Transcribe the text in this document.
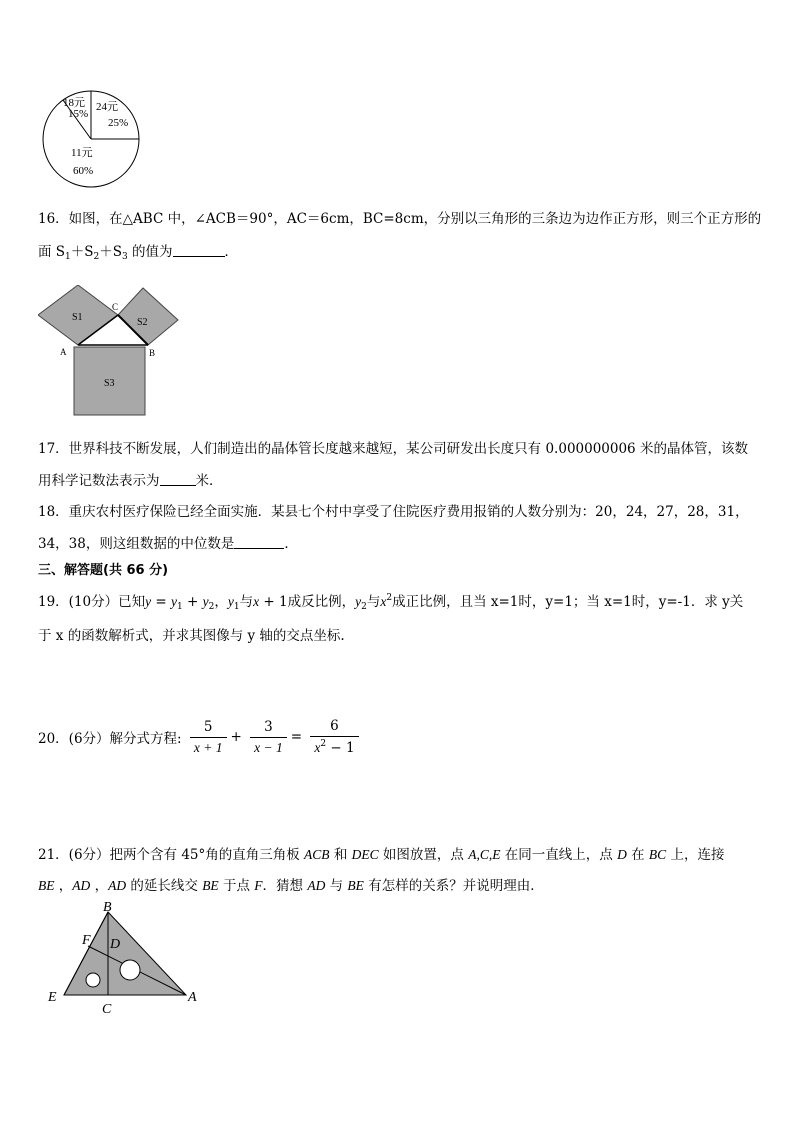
18元
15%
24元
25%
11元
60%
16．如图，在△ABC 中，∠ACB＝90°，AC＝6cm，BC=8cm，分别以三角形的三条边为边作正方形，则三个正方形的
面 $S_1+S_2+S_3$ 的值为	．
S1	S2
S3
A	B
C
17．世界科技不断发展，人们制造出的晶体管长度越来越短，某公司研发出长度只有 0.000000006 米的晶体管，该数
用科学记数法表示为	米．
18．重庆农村医疗保险已经全面实施．某县七个村中享受了住院医疗费用报销的人数分别为：20，24，27，28，31，
34，38，则这组数据的中位数是	．
三、解答题(共 66 分)
19．(10分）已知$y = y_1 + y_2$，$y_1$与x + 1成反比例，$y_2$与$x^2$成正比例，且当 x=1时，y=1；当 x=1时，y=-1．求 y关
于 x 的函数解析式，并求其图像与 y 轴的交点坐标.
20．(6分）解分式方程: $\frac{5}{x + 1} + \frac{3}{x - 1} = \frac{6}{x^2 - 1}$
21．(6分）把两个含有 45°角的直角三角板 ACB 和 DEC 如图放置，点 A,C,E 在同一直线上，点 D 在 BC 上，连接
BE ，AD ，AD 的延长线交 BE 于点 F．猜想 AD 与 BE 有怎样的关系？并说明理由．
B
F D
E
C
A
